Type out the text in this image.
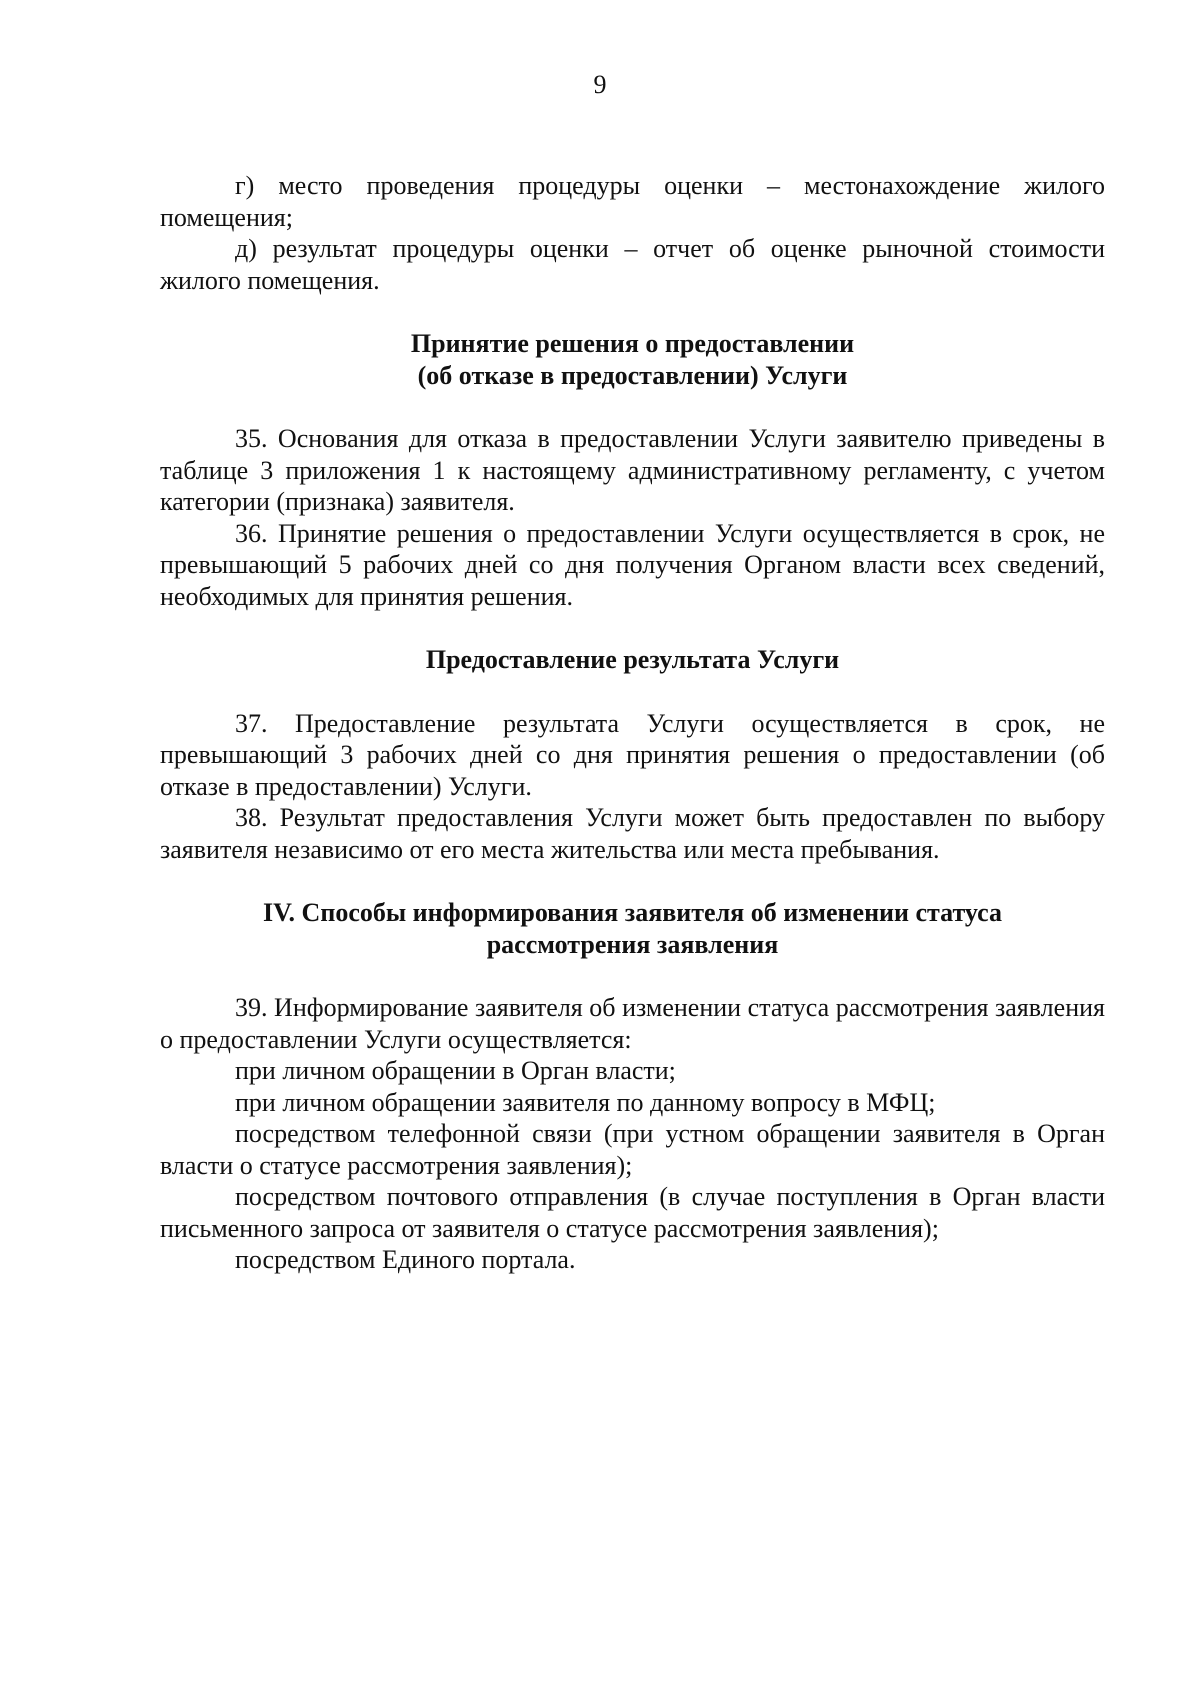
9

г) место проведения процедуры оценки – местонахождение жилого помещения;

д) результат процедуры оценки – отчет об оценке рыночной стоимости жилого помещения.

Принятие решения о предоставлении
(об отказе в предоставлении) Услуги

35. Основания для отказа в предоставлении Услуги заявителю приведены в таблице 3 приложения 1 к настоящему административному регламенту, с учетом категории (признака) заявителя.

36. Принятие решения о предоставлении Услуги осуществляется в срок, не превышающий 5 рабочих дней со дня получения Органом власти всех сведений, необходимых для принятия решения.

Предоставление результата Услуги

37. Предоставление результата Услуги осуществляется в срок, не превышающий 3 рабочих дней со дня принятия решения о предоставлении (об отказе в предоставлении) Услуги.

38. Результат предоставления Услуги может быть предоставлен по выбору заявителя независимо от его места жительства или места пребывания.

IV. Способы информирования заявителя об изменении статуса
рассмотрения заявления

39. Информирование заявителя об изменении статуса рассмотрения заявления о предоставлении Услуги осуществляется:

при личном обращении в Орган власти;

при личном обращении заявителя по данному вопросу в МФЦ;

посредством телефонной связи (при устном обращении заявителя в Орган власти о статусе рассмотрения заявления);

посредством почтового отправления (в случае поступления в Орган власти письменного запроса от заявителя о статусе рассмотрения заявления);

посредством Единого портала.
